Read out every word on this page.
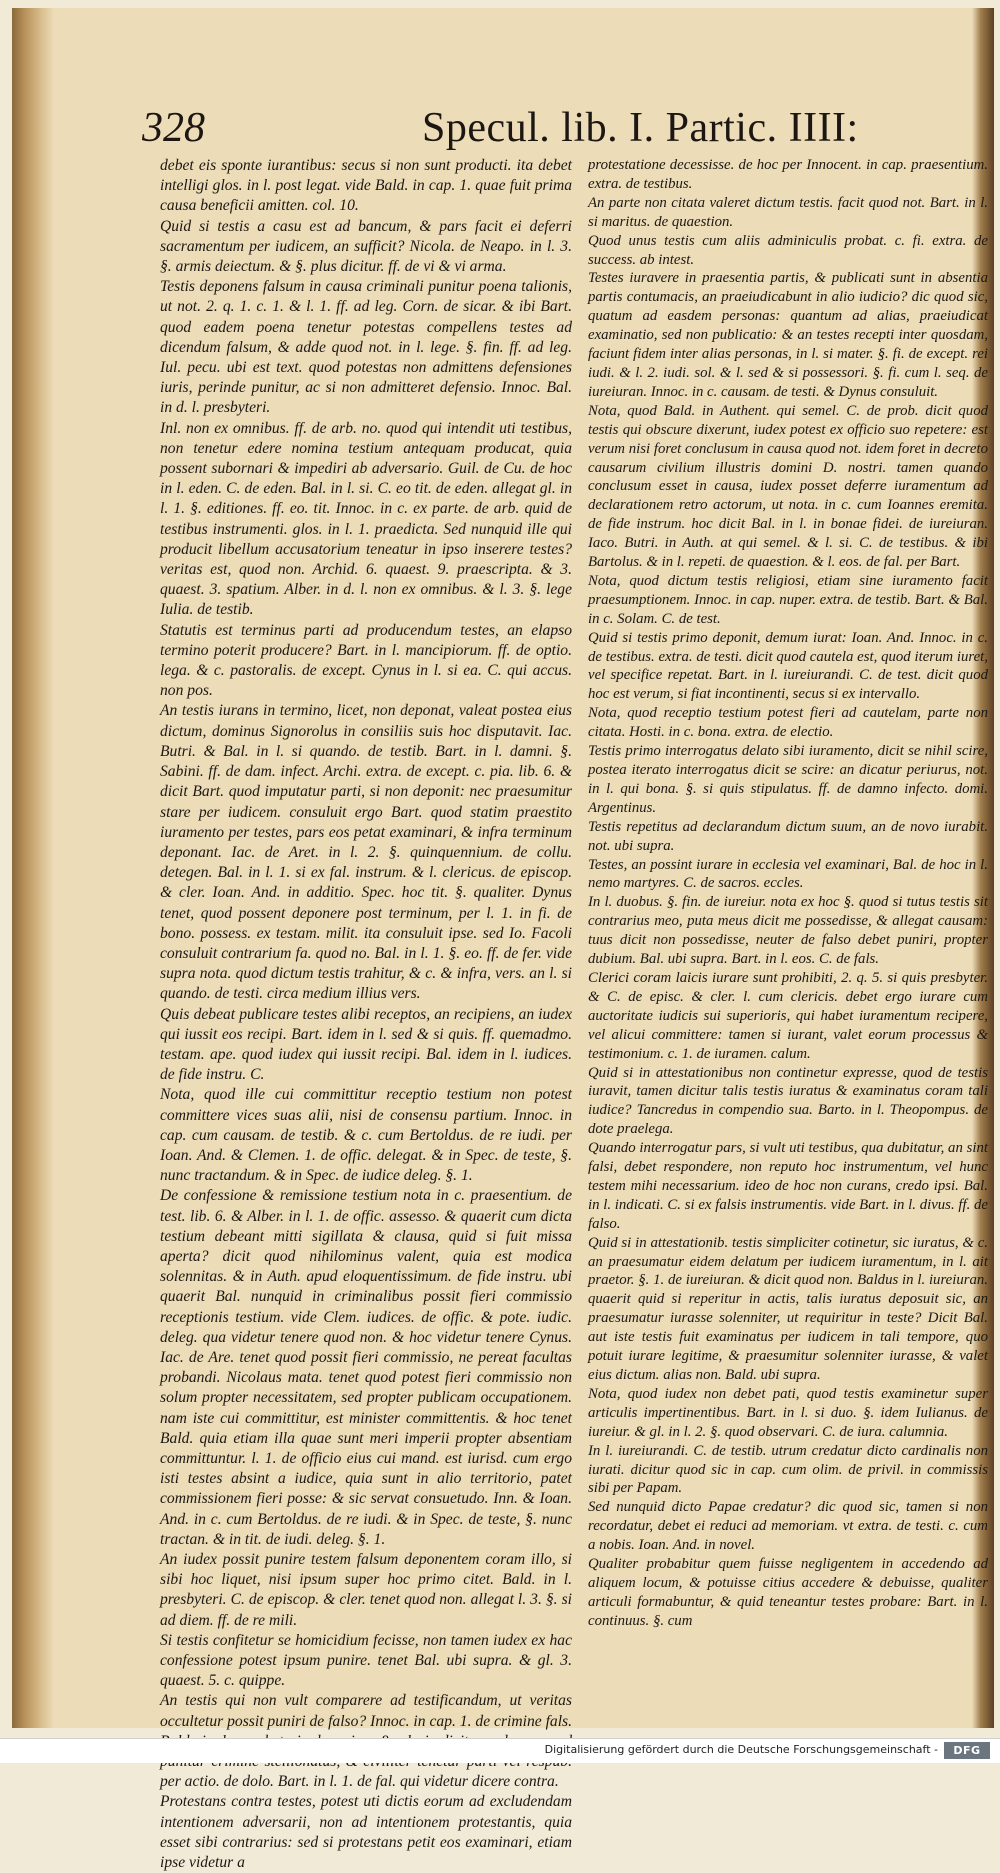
328	Specul. lib. I. Partic. IIII:
debet eis sponte iurantibus: secus si non sunt producti. ita debet intelligi glos. in l. post legat. vide Bald. in cap. 1. quae fuit prima causa beneficii amitten. col. 10.
Quid si testis a casu est ad bancum, & pars facit ei deferri sacramentum per iudicem, an sufficit? Nicola. de Neapo. in l. 3. §. armis deiectum. & §. plus dicitur. ff. de vi & vi arma.
Testis deponens falsum in causa criminali punitur poena talionis, ut not. 2. q. 1. c. 1. & l. 1. ff. ad leg. Corn. de sicar. & ibi Bart. quod eadem poena tenetur potestas compellens testes ad dicendum falsum, & adde quod not. in l. lege. §. fin. ff. ad leg. Iul. pecu. ubi est text. quod potestas non admittens defensiones iuris, perinde punitur, ac si non admitteret defensio. Innoc. Bal. in d. l. presbyteri.
Inl. non ex omnibus. ff. de arb. no. quod qui intendit uti testibus, non tenetur edere nomina testium antequam producat, quia possent subornari & impediri ab adversario. Guil. de Cu. de hoc in l. eden. C. de eden. Bal. in l. si. C. eo tit. de eden. allegat gl. in l. 1. §. editiones. ff. eo. tit. Innoc. in c. ex parte. de arb. quid de testibus instrumenti. glos. in l. 1. praedicta. Sed nunquid ille qui producit libellum accusatorium teneatur in ipso inserere testes? veritas est, quod non. Archid. 6. quaest. 9. praescripta. & 3. quaest. 3. spatium. Alber. in d. l. non ex omnibus. & l. 3. §. lege Iulia. de testib.
Statutis est terminus parti ad producendum testes, an elapso termino poterit producere? Bart. in l. mancipiorum. ff. de optio. lega. & c. pastoralis. de except. Cynus in l. si ea. C. qui accus. non pos.
An testis iurans in termino, licet, non deponat, valeat postea eius dictum, dominus Signorolus in consiliis suis hoc disputavit. Iac. Butri. & Bal. in l. si quando. de testib. Bart. in l. damni. §. Sabini. ff. de dam. infect. Archi. extra. de except. c. pia. lib. 6. & dicit Bart. quod imputatur parti, si non deponit: nec praesumitur stare per iudicem. consuluit ergo Bart. quod statim praestito iuramento per testes, pars eos petat examinari, & infra terminum deponant. Iac. de Aret. in l. 2. §. quinquennium. de collu. detegen. Bal. in l. 1. si ex fal. instrum. & l. clericus. de episcop. & cler. Ioan. And. in additio. Spec. hoc tit. §. qualiter. Dynus tenet, quod possent deponere post terminum, per l. 1. in fi. de bono. possess. ex testam. milit. ita consuluit ipse. sed Io. Facoli consuluit contrarium fa. quod no. Bal. in l. 1. §. eo. ff. de fer. vide supra nota. quod dictum testis trahitur, & c. & infra, vers. an l. si quando. de testi. circa medium illius vers.
Quis debeat publicare testes alibi receptos, an recipiens, an iudex qui iussit eos recipi. Bart. idem in l. sed & si quis. ff. quemadmo. testam. ape. quod iudex qui iussit recipi. Bal. idem in l. iudices. de fide instru. C.
Nota, quod ille cui committitur receptio testium non potest committere vices suas alii, nisi de consensu partium. Innoc. in cap. cum causam. de testib. & c. cum Bertoldus. de re iudi. per Ioan. And. & Clemen. 1. de offic. delegat. & in Spec. de teste, §. nunc tractandum. & in Spec. de iudice deleg. §. 1.
De confessione & remissione testium nota in c. praesentium. de test. lib. 6. & Alber. in l. 1. de offic. assesso. & quaerit cum dicta testium debeant mitti sigillata & clausa, quid si fuit missa aperta? dicit quod nihilominus valent, quia est modica solennitas. & in Auth. apud eloquentissimum. de fide instru. ubi quaerit Bal. nunquid in criminalibus possit fieri commissio receptionis testium. vide Clem. iudices. de offic. & pote. iudic. deleg. qua videtur tenere quod non. & hoc videtur tenere Cynus. Iac. de Are. tenet quod possit fieri commissio, ne pereat facultas probandi. Nicolaus mata. tenet quod potest fieri commissio non solum propter necessitatem, sed propter publicam occupationem. nam iste cui committitur, est minister committentis. & hoc tenet Bald. quia etiam illa quae sunt meri imperii propter absentiam committuntur. l. 1. de officio eius cui mand. est iurisd. cum ergo isti testes absint a iudice, quia sunt in alio territorio, patet commissionem fieri posse: & sic servat consuetudo. Inn. & Ioan. And. in c. cum Bertoldus. de re iudi. & in Spec. de teste, §. nunc tractan. & in tit. de iudi. deleg. §. 1.
An iudex possit punire testem falsum deponentem coram illo, si sibi hoc liquet, nisi ipsum super hoc primo citet. Bald. in l. presbyteri. C. de episcop. & cler. tenet quod non. allegat l. 3. §. si ad diem. ff. de re mili.
Si testis confitetur se homicidium fecisse, non tamen iudex ex hac confessione potest ipsum punire. tenet Bal. ubi supra. & gl. 3. quaest. 5. c. quippe.
An testis qui non vult comparere ad testificandum, ut veritas occultetur possit puniri de falso? Innoc. in cap. 1. de crimine fals. per actio. de dolo. Bart. in l. 1. de fal. qui videtur dicere contra.
Protestans contra testes, potest uti dictis eorum ad excludendam intentionem adversarii, non ad intentionem protestantis, quia esset sibi contrarius: sed si protestans petit eos examinari, etiam ipse videtur a
protestatione decessisse. de hoc per Innocent. in cap. praesentium. extra. de testibus.
An parte non citata valeret dictum testis. facit quod not. Bart. in l. si maritus. de quaestion.
Quod unus testis cum aliis adminiculis probat. c. fi. extra. de success. ab intest.
Testes iuravere in praesentia partis, & publicati sunt in absentia partis contumacis, an praeiudicabunt in alio iudicio? dic quod sic, quatum ad easdem personas: quantum ad alias, praeiudicat examinatio, sed non publicatio: & an testes recepti inter quosdam, faciunt fidem inter alias personas, in l. si mater. §. fi. de except. rei iudi. & l. 2. iudi. sol. & l. sed & si possessori. §. fi. cum l. seq. de iureiuran. Innoc. in c. causam. de testi. & Dynus consuluit.
Nota, quod Bald. in Authent. qui semel. C. de prob. dicit quod testis qui obscure dixerunt, iudex potest ex officio suo repetere: est verum nisi foret conclusum in causa quod not. idem foret in decreto causarum civilium illustris domini D. nostri. tamen quando conclusum esset in causa, iudex posset deferre iuramentum ad declarationem retro actorum, ut nota. in c. cum Ioannes eremita. de fide instrum. hoc dicit Bal. in l. in bonae fidei. de iureiuran. Iaco. Butri. in Auth. at qui semel. & l. si. C. de testibus. & ibi Bartolus. & in l. repeti. de quaestion. & l. eos. de fal. per Bart.
Nota, quod dictum testis religiosi, etiam sine iuramento facit praesumptionem. Innoc. in cap. nuper. extra. de testib. Bart. & Bal. in c. Solam. C. de test.
Quid si testis primo deponit, demum iurat: Ioan. And. Innoc. in c. de testibus. extra. de testi. dicit quod cautela est, quod iterum iuret, vel specifice repetat. Bart. in l. iureiurandi. C. de test. dicit quod hoc est verum, si fiat incontinenti, secus si ex intervallo.
Nota, quod receptio testium potest fieri ad cautelam, parte non citata. Hosti. in c. bona. extra. de electio.
Testis primo interrogatus delato sibi iuramento, dicit se nihil scire, postea iterato interrogatus dicit se scire: an dicatur periurus, not. in l. qui bona. §. si quis stipulatus. ff. de damno infecto. domi. Argentinus.
Testis repetitus ad declarandum dictum suum, an de novo iurabit. not. ubi supra.
Testes, an possint iurare in ecclesia vel examinari, Bal. de hoc in l. nemo martyres. C. de sacros. eccles.
In l. duobus. §. fin. de iureiur. nota ex hoc §. quod si tutus testis sit contrarius meo, puta meus dicit me possedisse, & allegat causam: tuus dicit non possedisse, neuter de falso debet puniri, propter dubium. Bal. ubi supra. Bart. in l. eos. C. de fals.
Clerici coram laicis iurare sunt prohibiti, 2. q. 5. si quis presbyter. & C. de episc. & cler. l. cum clericis. debet ergo iurare cum auctoritate iudicis sui superioris, qui habet iuramentum recipere, vel alicui committere: tamen si iurant, valet eorum processus & testimonium. c. 1. de iuramen. calum.
Quid si in attestationibus non continetur expresse, quod de testis iuravit, tamen dicitur talis testis iuratus & examinatus coram tali iudice? Tancredus in compendio sua. Barto. in l. Theopompus. de dote praelega.
Quando interrogatur pars, si vult uti testibus, qua dubitatur, an sint falsi, debet respondere, non reputo hoc instrumentum, vel hunc testem mihi necessarium. ideo de hoc non curans, credo ipsi. Bal. in l. indicati. C. si ex falsis instrumentis. vide Bart. in l. divus. ff. de falso.
Quid si in attestationib. testis simpliciter cotinetur, sic iuratus, & c. an praesumatur eidem delatum per iudicem iuramentum, in l. ait praetor. §. 1. de iureiuran. & dicit quod non. Baldus in l. iureiuran. quaerit quid si reperitur in actis, talis iuratus deposuit sic, an praesumatur iurasse solenniter, ut requiritur in teste? Dicit Bal. aut iste testis fuit examinatus per iudicem in tali tempore, quo potuit iurare legitime, & praesumitur solenniter iurasse, & valet eius dictum. alias non. Bald. ubi supra.
Nota, quod iudex non debet pati, quod testis examinetur super articulis impertinentibus. Bart. in l. si duo. §. idem Iulianus. de iureiur. & gl. in l. 2. §. quod observari. C. de iura. calumnia.
In l. iureiurandi. C. de testib. utrum credatur dicto cardinalis non iurati. dicitur quod sic in cap. cum olim. de privil. in commissis sibi per Papam.
Sed nunquid dicto Papae credatur? dic quod sic, tamen si non recordatur, debet ei reduci ad memoriam. vt extra. de testi. c. cum a nobis. Ioan. And. in novel.
Qualiter probabitur quem fuisse negligentem in accedendo ad aliquem locum, & potuisse citius accedere & debuisse, qualiter articuli formabuntur, & quid teneantur testes probare: Bart. in l. continuus. §. cum
Digitalisierung gefördert durch die Deutsche Forschungsgemeinschaft -	DFG
